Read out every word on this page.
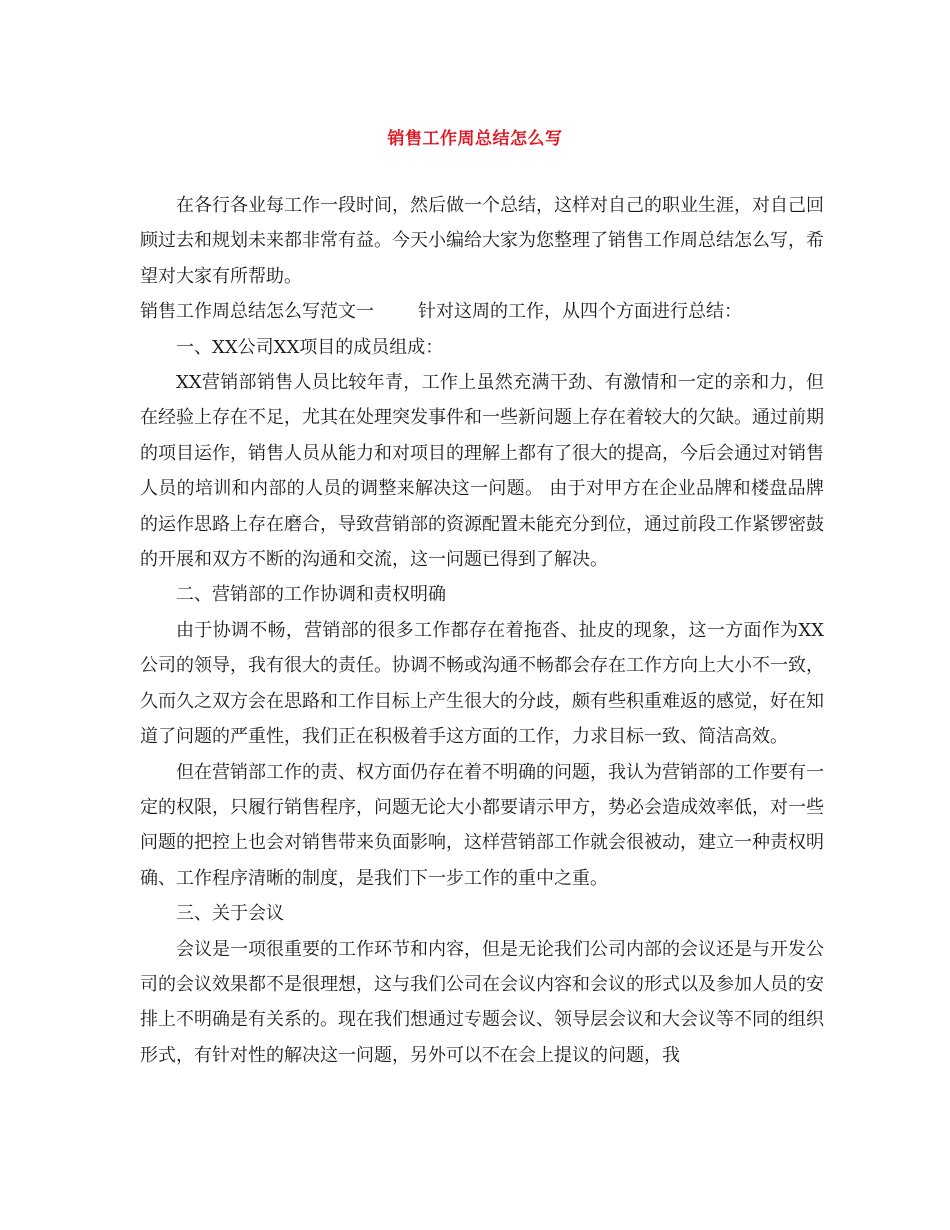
销售工作周总结怎么写

在各行各业每工作一段时间，然后做一个总结，这样对自己的职业生涯，对自己回顾过去和规划未来都非常有益。今天小编给大家为您整理了销售工作周总结怎么写，希望对大家有所帮助。

销售工作周总结怎么写范文一 针对这周的工作，从四个方面进行总结：

一、XX公司XX项目的成员组成：

XX营销部销售人员比较年青，工作上虽然充满干劲、有激情和一定的亲和力，但在经验上存在不足，尤其在处理突发事件和一些新问题上存在着较大的欠缺。通过前期的项目运作，销售人员从能力和对项目的理解上都有了很大的提高，今后会通过对销售人员的培训和内部的人员的调整来解决这一问题。 由于对甲方在企业品牌和楼盘品牌的运作思路上存在磨合，导致营销部的资源配置未能充分到位，通过前段工作紧锣密鼓的开展和双方不断的沟通和交流，这一问题已得到了解决。

二、营销部的工作协调和责权明确

由于协调不畅，营销部的很多工作都存在着拖沓、扯皮的现象，这一方面作为XX公司的领导，我有很大的责任。协调不畅或沟通不畅都会存在工作方向上大小不一致，久而久之双方会在思路和工作目标上产生很大的分歧，颇有些积重难返的感觉，好在知道了问题的严重性，我们正在积极着手这方面的工作，力求目标一致、简洁高效。

但在营销部工作的责、权方面仍存在着不明确的问题，我认为营销部的工作要有一定的权限，只履行销售程序，问题无论大小都要请示甲方，势必会造成效率低，对一些问题的把控上也会对销售带来负面影响，这样营销部工作就会很被动，建立一种责权明确、工作程序清晰的制度，是我们下一步工作的重中之重。

三、关于会议

会议是一项很重要的工作环节和内容，但是无论我们公司内部的会议还是与开发公司的会议效果都不是很理想，这与我们公司在会议内容和会议的形式以及参加人员的安排上不明确是有关系的。现在我们想通过专题会议、领导层会议和大会议等不同的组织形式，有针对性的解决这一问题，另外可以不在会上提议的问题，我
